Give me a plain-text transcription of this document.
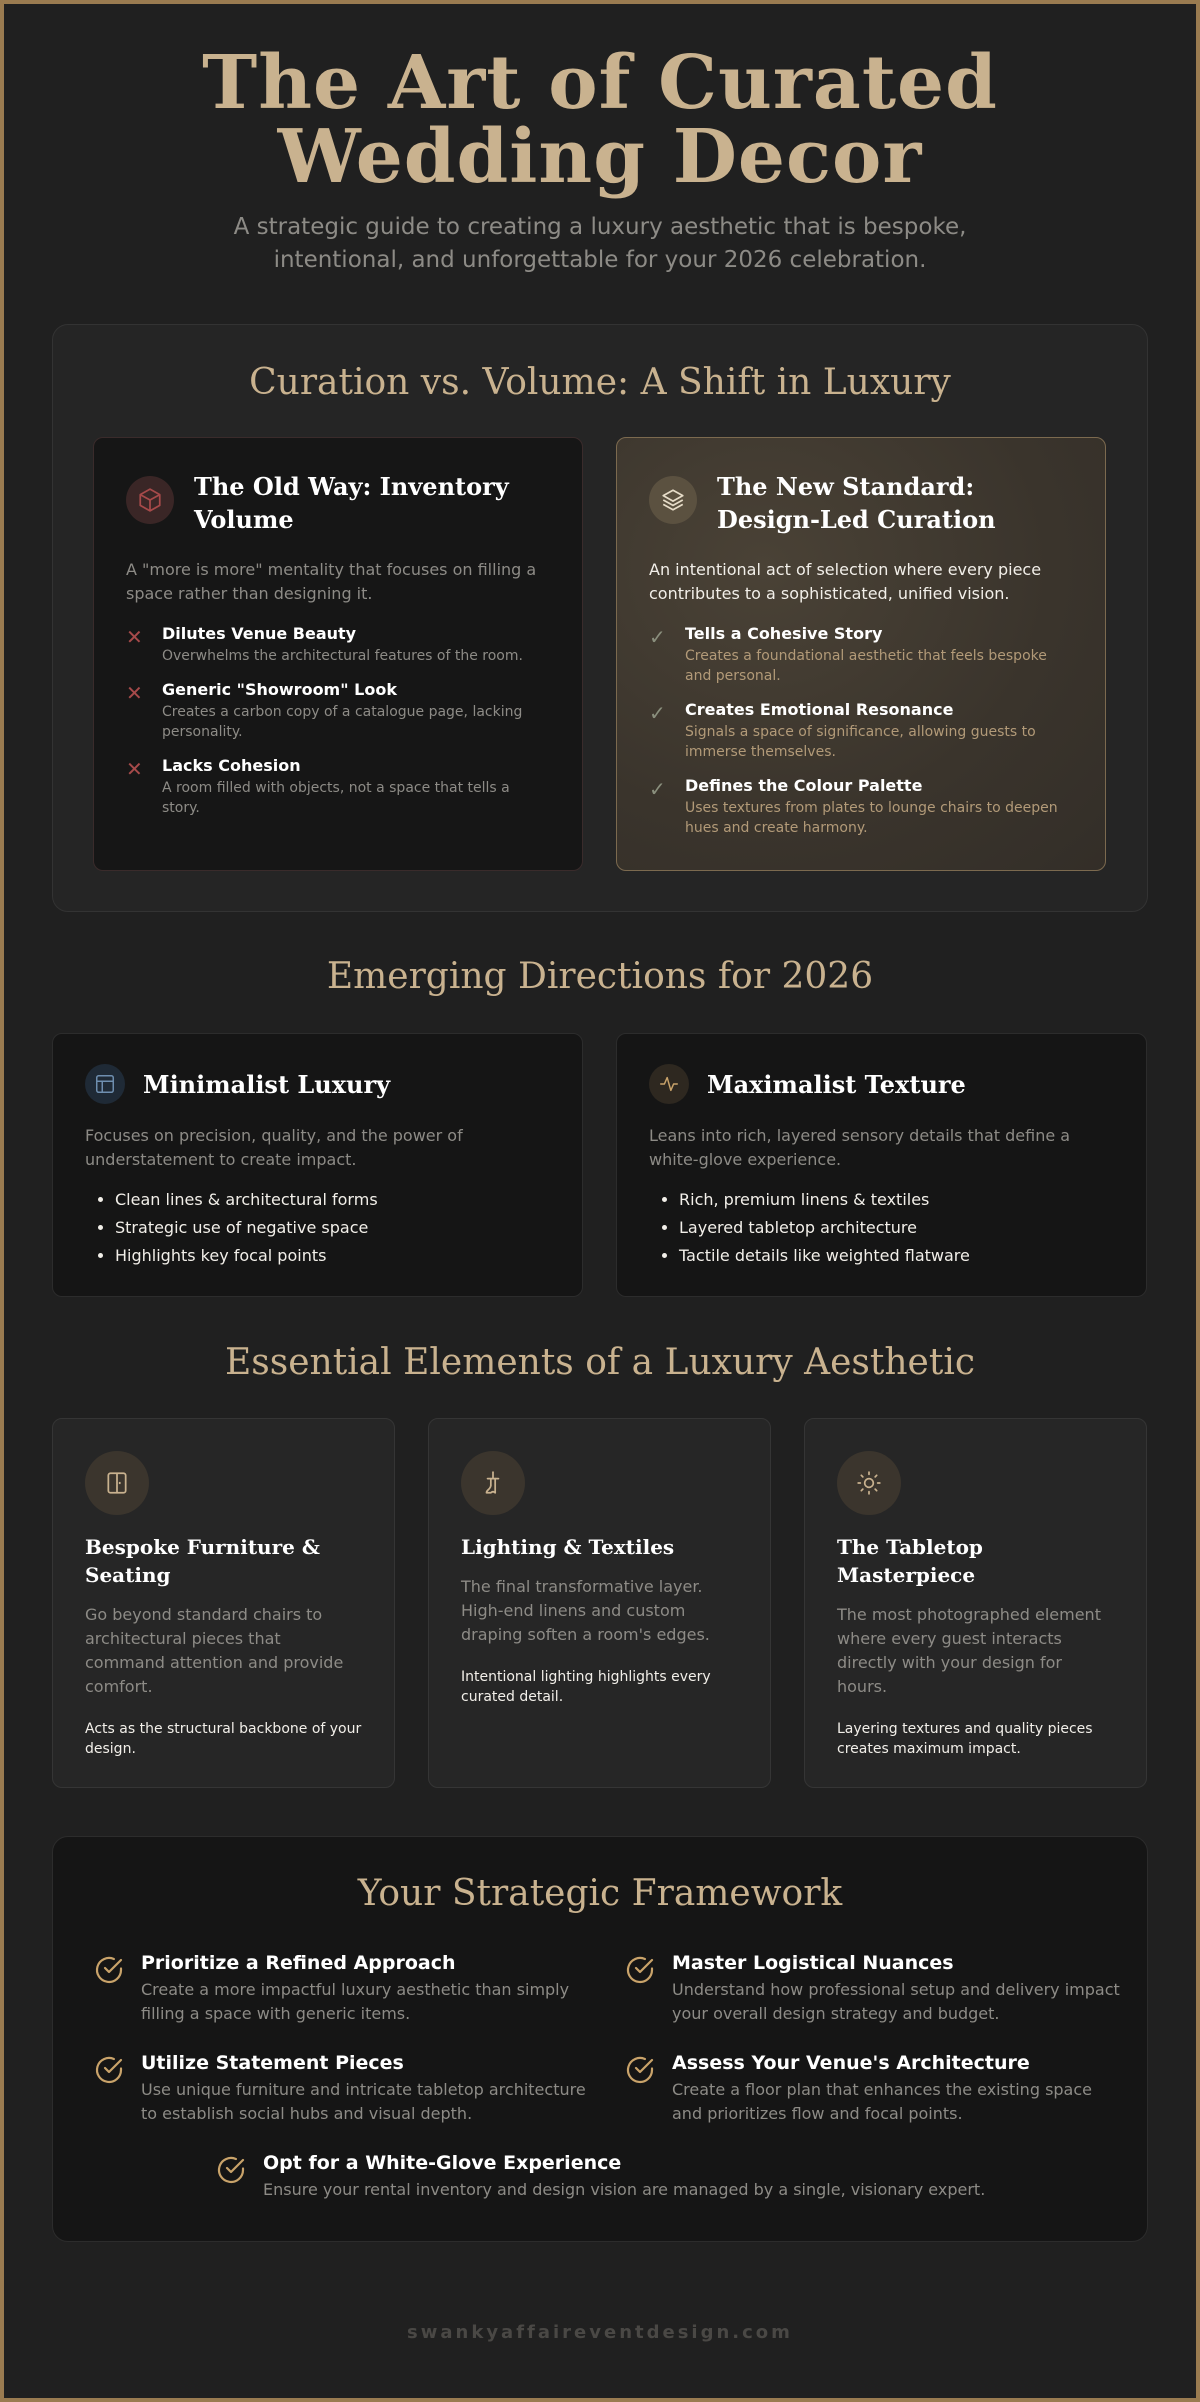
The Art of Curated
Wedding Decor
A strategic guide to creating a luxury aesthetic that is bespoke, intentional, and unforgettable for your 2026 celebration.
Curation vs. Volume: A Shift in Luxury
The Old Way: Inventory Volume
A "more is more" mentality that focuses on filling a space rather than designing it.
✕ Dilutes Venue Beauty
Overwhelms the architectural features of the room.
✕ Generic "Showroom" Look
Creates a carbon copy of a catalogue page, lacking personality.
✕ Lacks Cohesion
A room filled with objects, not a space that tells a story.
The New Standard: Design-Led Curation
An intentional act of selection where every piece contributes to a sophisticated, unified vision.
✓ Tells a Cohesive Story
Creates a foundational aesthetic that feels bespoke and personal.
✓ Creates Emotional Resonance
Signals a space of significance, allowing guests to immerse themselves.
✓ Defines the Colour Palette
Uses textures from plates to lounge chairs to deepen hues and create harmony.
Emerging Directions for 2026
Minimalist Luxury
Focuses on precision, quality, and the power of understatement to create impact.
• Clean lines & architectural forms
• Strategic use of negative space
• Highlights key focal points
Maximalist Texture
Leans into rich, layered sensory details that define a white-glove experience.
• Rich, premium linens & textiles
• Layered tabletop architecture
• Tactile details like weighted flatware
Essential Elements of a Luxury Aesthetic
Bespoke Furniture & Seating
Go beyond standard chairs to architectural pieces that command attention and provide comfort.
Acts as the structural backbone of your design.
Lighting & Textiles
The final transformative layer. High-end linens and custom draping soften a room's edges.
Intentional lighting highlights every curated detail.
The Tabletop Masterpiece
The most photographed element where every guest interacts directly with your design for hours.
Layering textures and quality pieces creates maximum impact.
Your Strategic Framework
Prioritize a Refined Approach
Create a more impactful luxury aesthetic than simply filling a space with generic items.
Master Logistical Nuances
Understand how professional setup and delivery impact your overall design strategy and budget.
Utilize Statement Pieces
Use unique furniture and intricate tabletop architecture to establish social hubs and visual depth.
Assess Your Venue's Architecture
Create a floor plan that enhances the existing space and prioritizes flow and focal points.
Opt for a White-Glove Experience
Ensure your rental inventory and design vision are managed by a single, visionary expert.
swankyaffaireventdesign.com
